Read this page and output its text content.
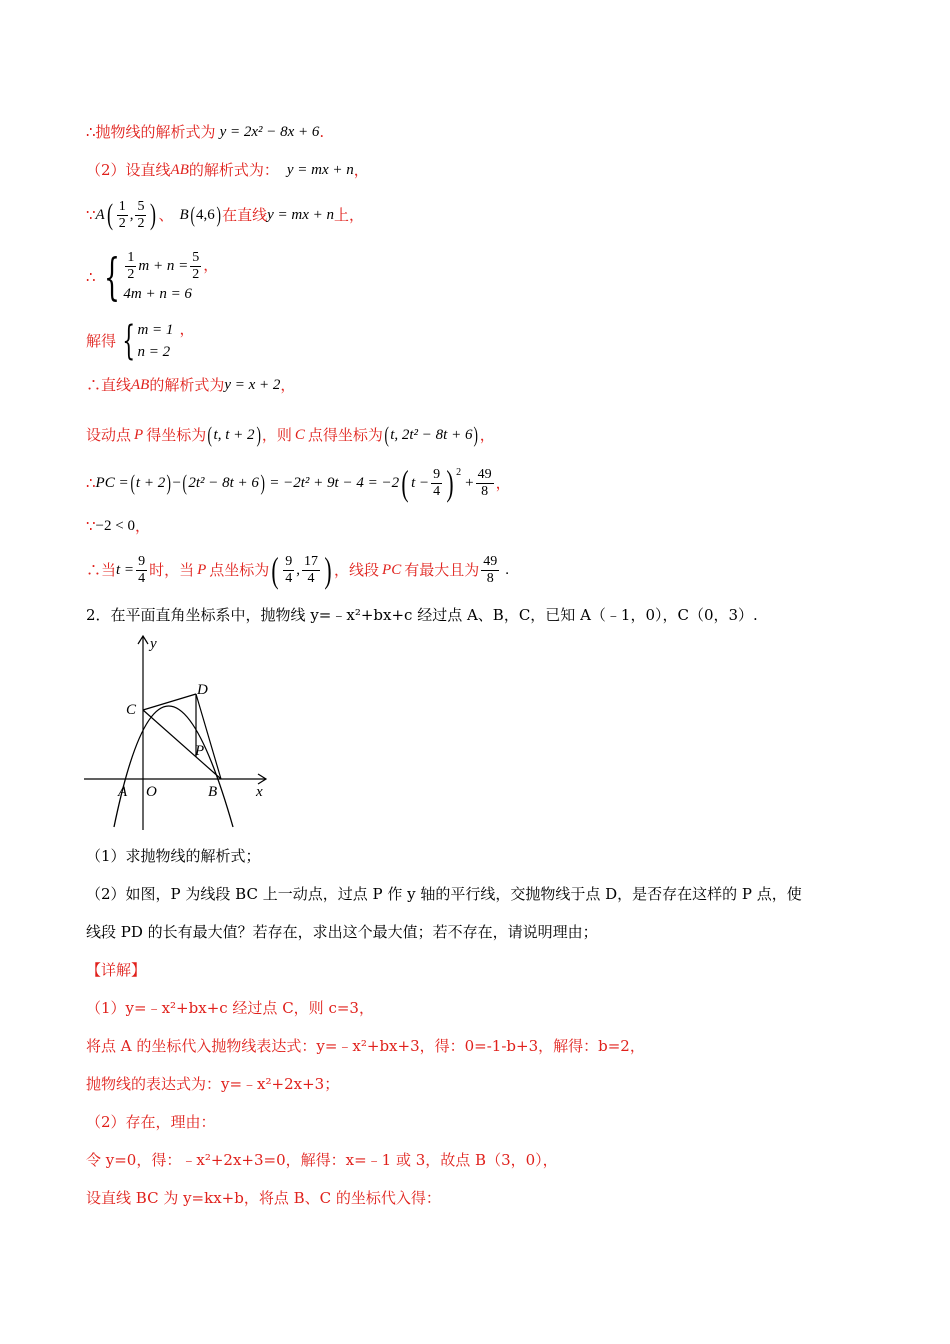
∴ 抛物线的解析式为 y = 2x² − 8x + 6 .
（2）设直线 AB 的解析式为： y = mx + n ，
∵ A ( $\frac{1}{2}$ , $\frac{5}{2}$ ) 、 B ( 4,6 ) 在直线 y = mx + n 上，
∴ { $\frac{1}{2}$ $m + n = \frac{5}{2}$ ，
4m + n = 6
解得 { m = 1 ，
n = 2
∴直线 AB 的解析式为 y = x + 2 ，
设动点 P 得坐标为 ( t, t + 2 ) ，则 C 点得坐标为 ( t, 2t² − 8t + 6 ) ，
∴ PC = ( t + 2 ) − ( 2t² − 8t + 6 ) = −2t² + 9t − 4 = −2 ( $t - \frac{9}{4}$ ) 2
+ $\frac{49}{8}$ ，
∵ −2 < 0 ，
∴当 $t = \frac{9}{4}$ 时，当 P 点坐标为 ( $\frac{9}{4}$ , $\frac{17}{4}$ ) ，线段 PC 有最大且为 $\frac{49}{8}$ .
2．在平面直角坐标系中，抛物线 y=﹣x²+bx+c 经过点 A、B，C，已知 A（﹣1，0），C（0，3）.
y
x
O
A	B
C
D
P
（1）求抛物线的解析式；
（2）如图，P 为线段 BC 上一动点，过点 P 作 y 轴的平行线，交抛物线于点 D，是否存在这样的 P 点，使
线段 PD 的长有最大值？若存在，求出这个最大值；若不存在，请说明理由；
【详解】
（1）y=﹣x²+bx+c 经过点 C，则 c=3，
将点 A 的坐标代入抛物线表达式：y=﹣x²+bx+3，得：0=-1-b+3，解得：b=2，
抛物线的表达式为：y=﹣x²+2x+3；
（2）存在，理由：
令 y=0，得：﹣x²+2x+3=0，解得：x=﹣1 或 3，故点 B（3，0），
设直线 BC 为 y=kx+b，将点 B、C 的坐标代入得：
